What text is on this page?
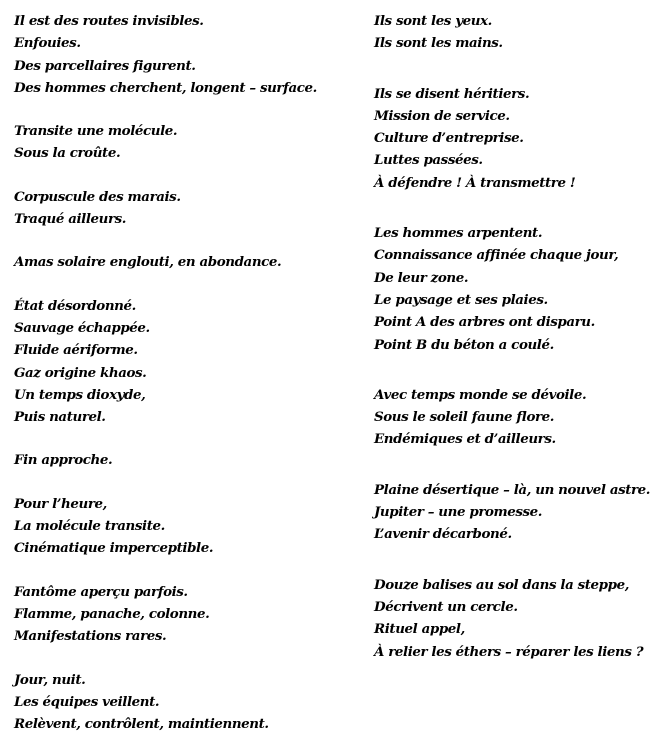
Il est des routes invisibles.
Enfouies.
Des parcellaires figurent.
Des hommes cherchent, longent – surface.
Transite une molécule.
Sous la croûte.
Corpuscule des marais.
Traqué ailleurs.
Amas solaire englouti, en abondance.
État désordonné.
Sauvage échappée.
Fluide aériforme.
Gaz origine khaos.
Un temps dioxyde,
Puis naturel.
Fin approche.
Pour l’heure,
La molécule transite.
Cinématique imperceptible.
Fantôme aperçu parfois.
Flamme, panache, colonne.
Manifestations rares.
Jour, nuit.
Les équipes veillent.
Relèvent, contrôlent, maintiennent.
Ils sont les yeux.
Ils sont les mains.
Ils se disent héritiers.
Mission de service.
Culture d’entreprise.
Luttes passées.
À défendre ! À transmettre !
Les hommes arpentent.
Connaissance affinée chaque jour,
De leur zone.
Le paysage et ses plaies.
Point A des arbres ont disparu.
Point B du béton a coulé.
Avec temps monde se dévoile.
Sous le soleil faune flore.
Endémiques et d’ailleurs.
Plaine désertique – là, un nouvel astre.
Jupiter – une promesse.
L’avenir décarboné.
Douze balises au sol dans la steppe,
Décrivent un cercle.
Rituel appel,
À relier les éthers – réparer les liens ?
